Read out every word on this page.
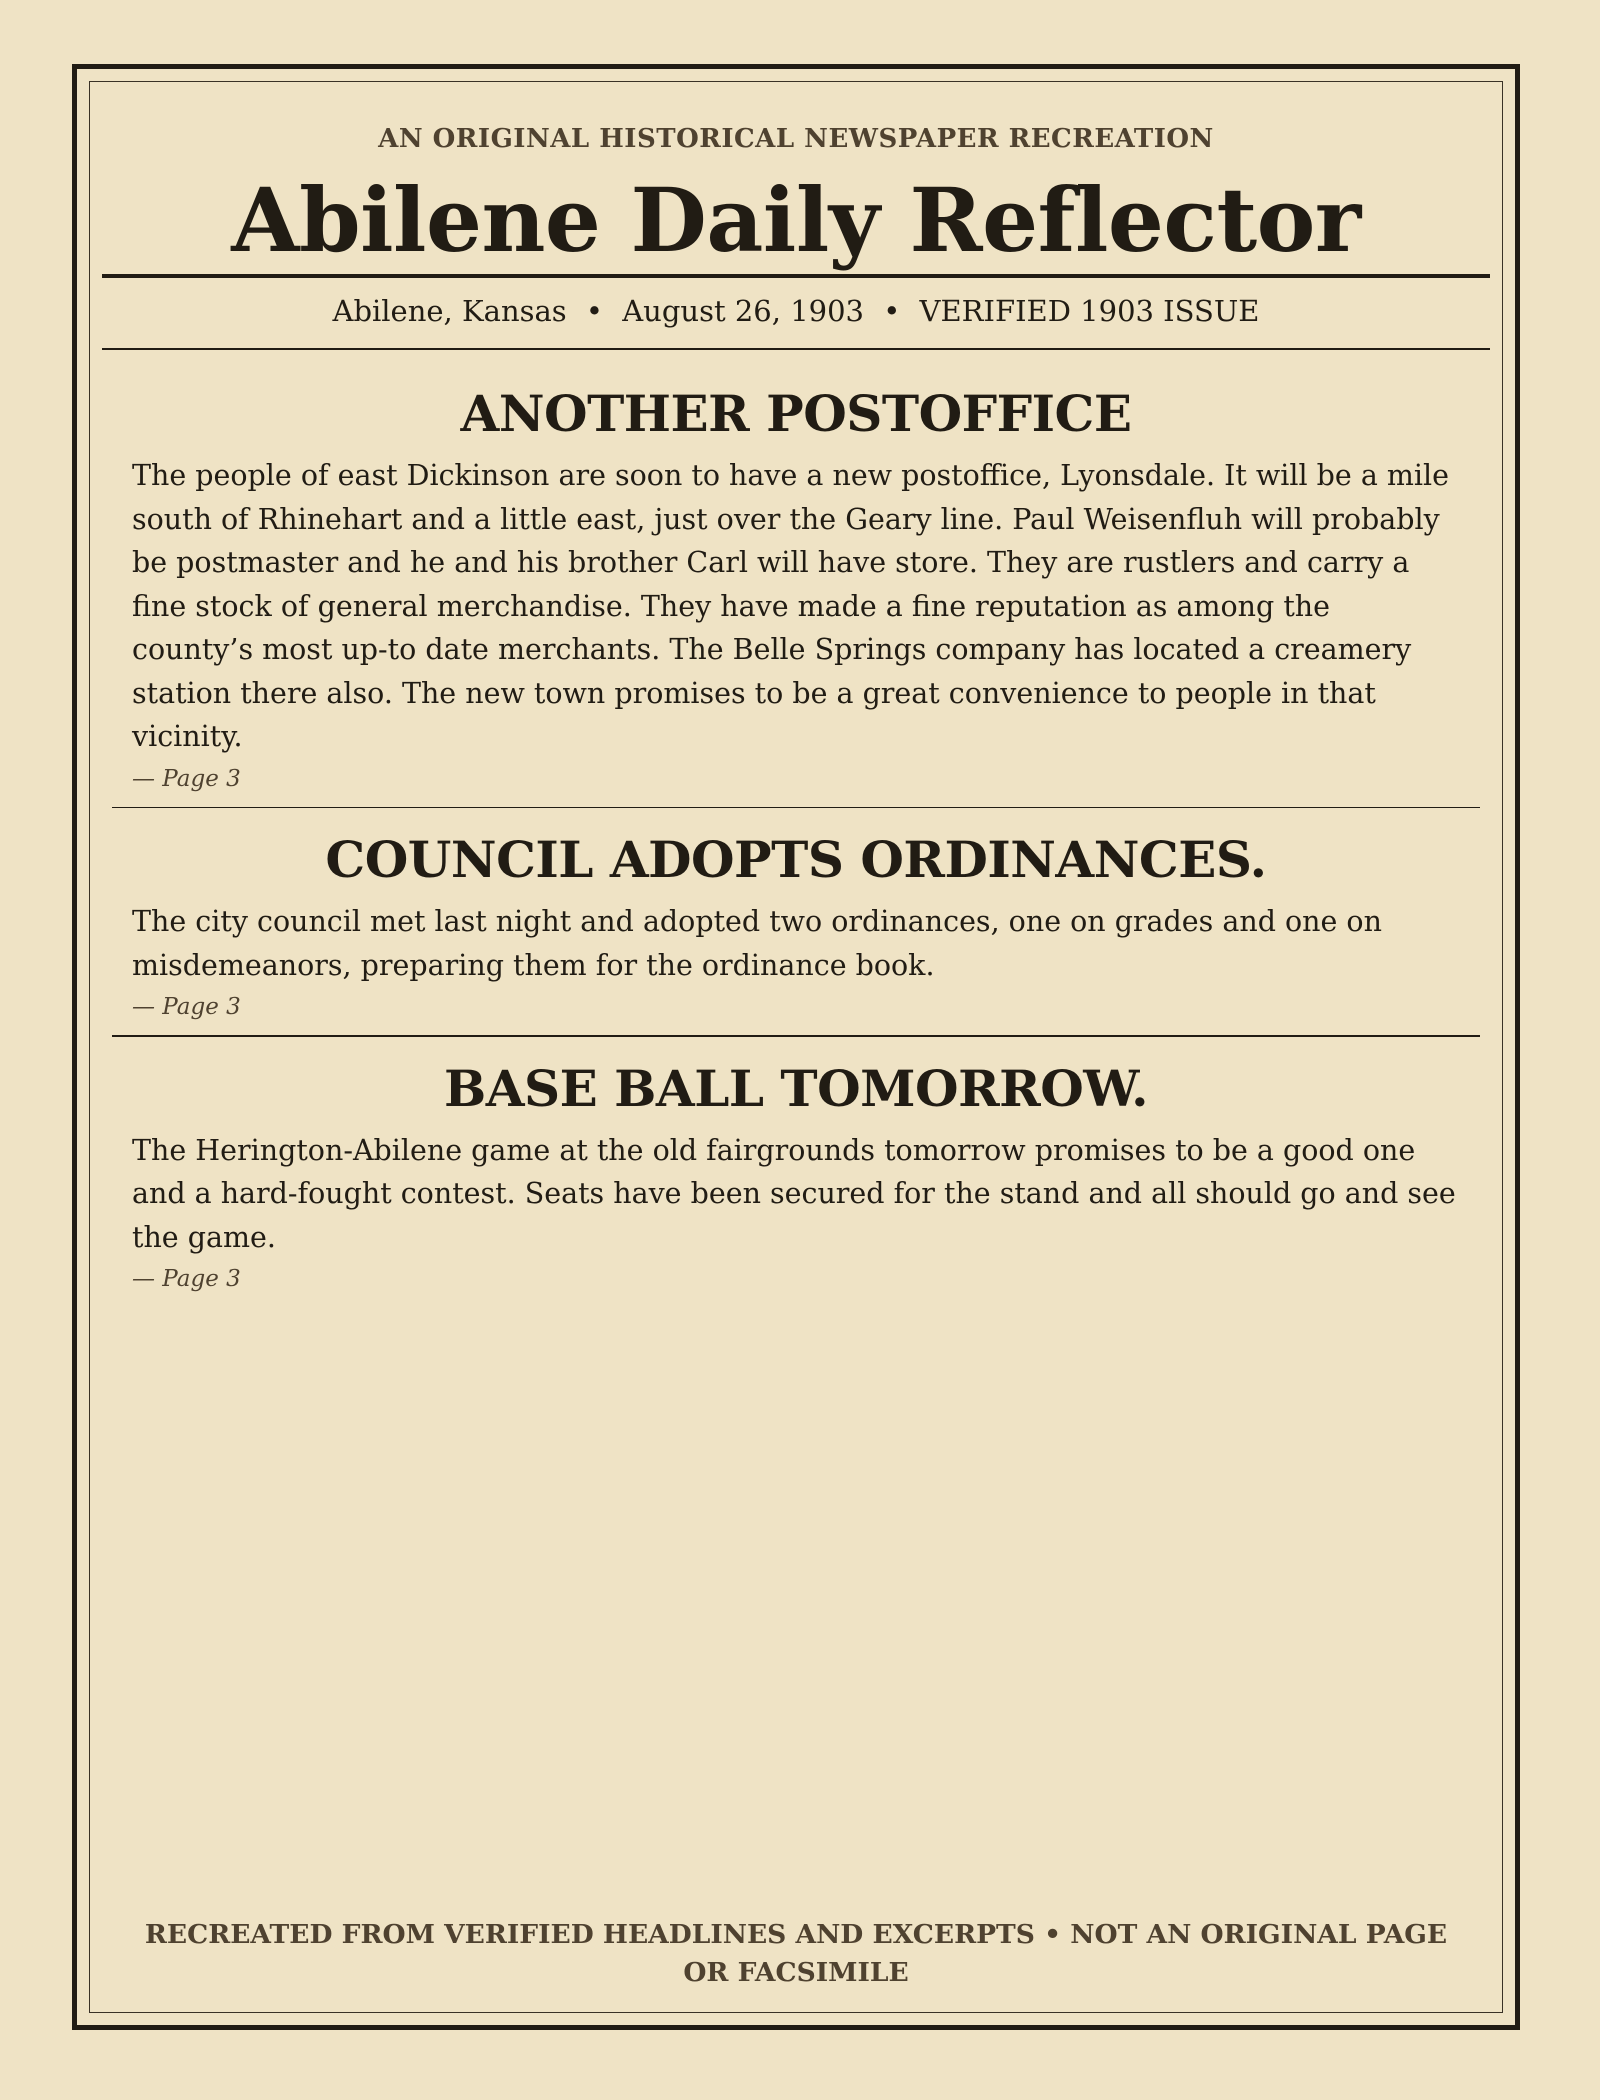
AN ORIGINAL HISTORICAL NEWSPAPER RECREATION
Abilene Daily Reflector
Abilene, Kansas • August 26, 1903 • VERIFIED 1903 ISSUE
ANOTHER POSTOFFICE

The people of east Dickinson are soon to have a new postoffice, Lyonsdale. It will be a mile south of Rhinehart and a little east, just over the Geary line. Paul Weisenfluh will probably be postmaster and he and his brother Carl will have store. They are rustlers and carry a fine stock of general merchandise. They have made a fine reputation as among the county’s most up-to date merchants. The Belle Springs company has located a creamery station there also. The new town promises to be a great convenience to people in that vicinity.

— Page 3
COUNCIL ADOPTS ORDINANCES.

The city council met last night and adopted two ordinances, one on grades and one on misdemeanors, preparing them for the ordinance book.

— Page 3
BASE BALL TOMORROW.

The Herington-Abilene game at the old fairgrounds tomorrow promises to be a good one and a hard-fought contest. Seats have been secured for the stand and all should go and see the game.

— Page 3
RECREATED FROM VERIFIED HEADLINES AND EXCERPTS • NOT AN ORIGINAL PAGE OR FACSIMILE
